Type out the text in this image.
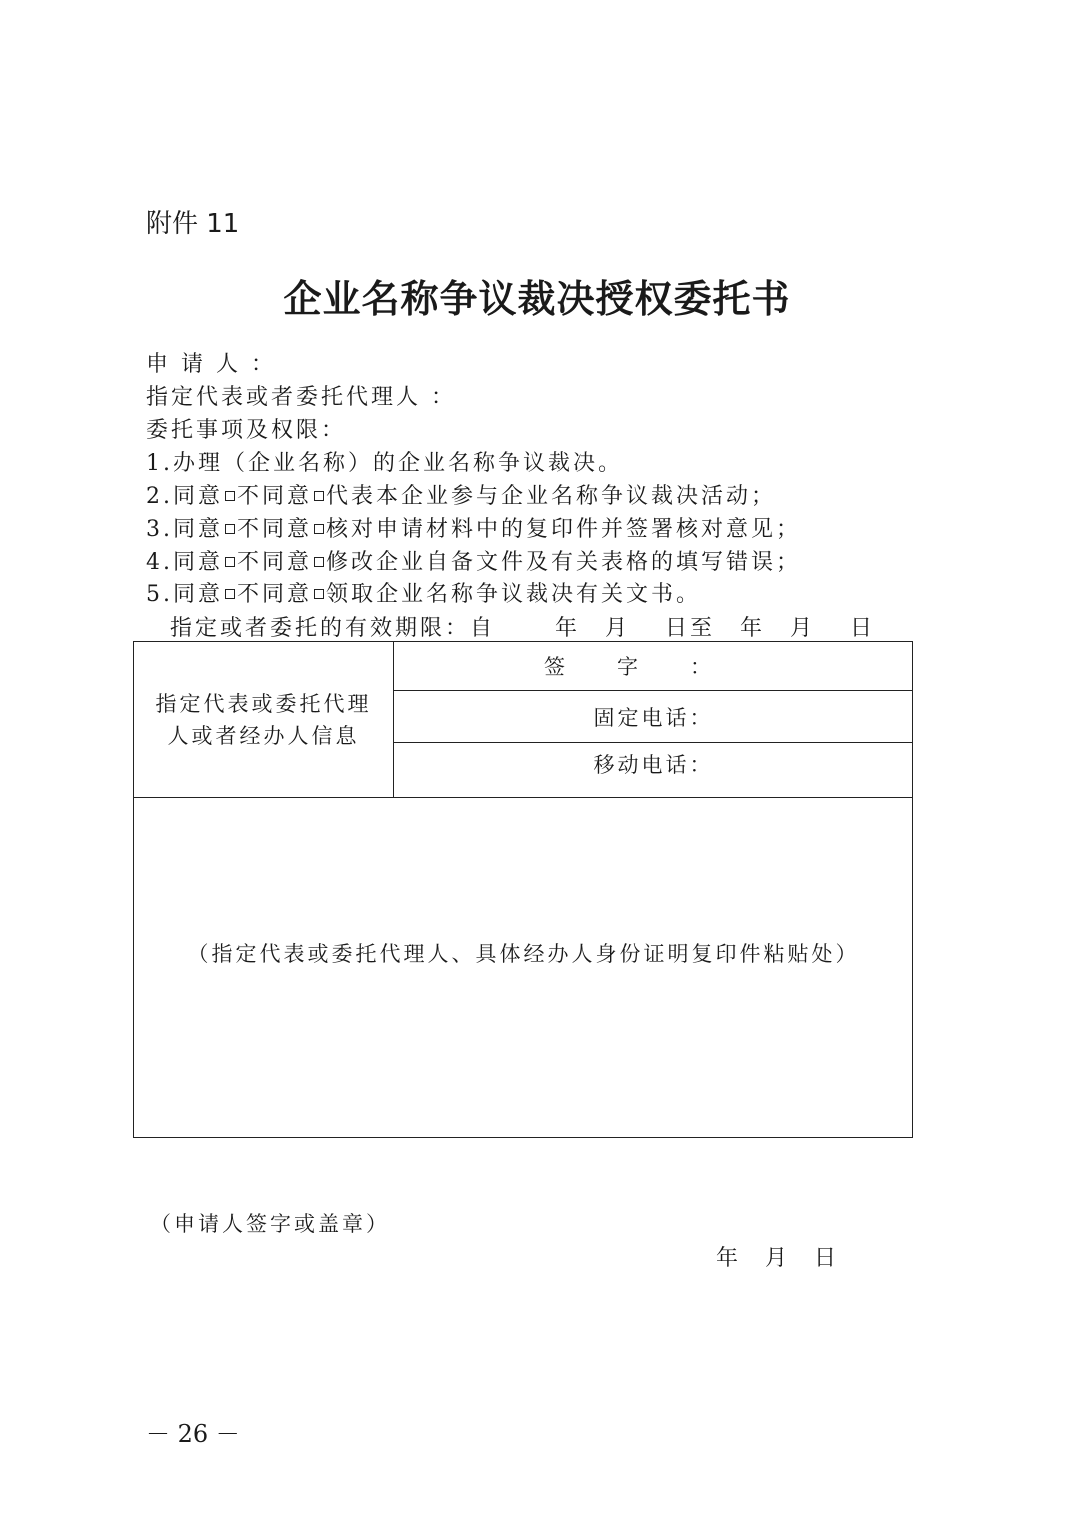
附件 11
企业名称争议裁决授权委托书
申 请 人 ：
指定代表或者委托代理人 ：
委托事项及权限：
1.办理（企业名称）的企业名称争议裁决。
2.同意 不同意 代表本企业参与企业名称争议裁决活动；
3.同意 不同意 核对申请材料中的复印件并签署核对意见；
4.同意 不同意 修改企业自备文件及有关表格的填写错误；
5.同意 不同意 领取企业名称争议裁决有关文书。
指定或者委托的有效期限：自　　 年　月　 日至　年　月　 日
指定代表或委托代理人或者经办人信息
签字：
固定电话：
移动电话：
（指定代表或委托代理人、具体经办人身份证明复印件粘贴处）
（申请人签字或盖章）
年 月 日
－ 26 －
